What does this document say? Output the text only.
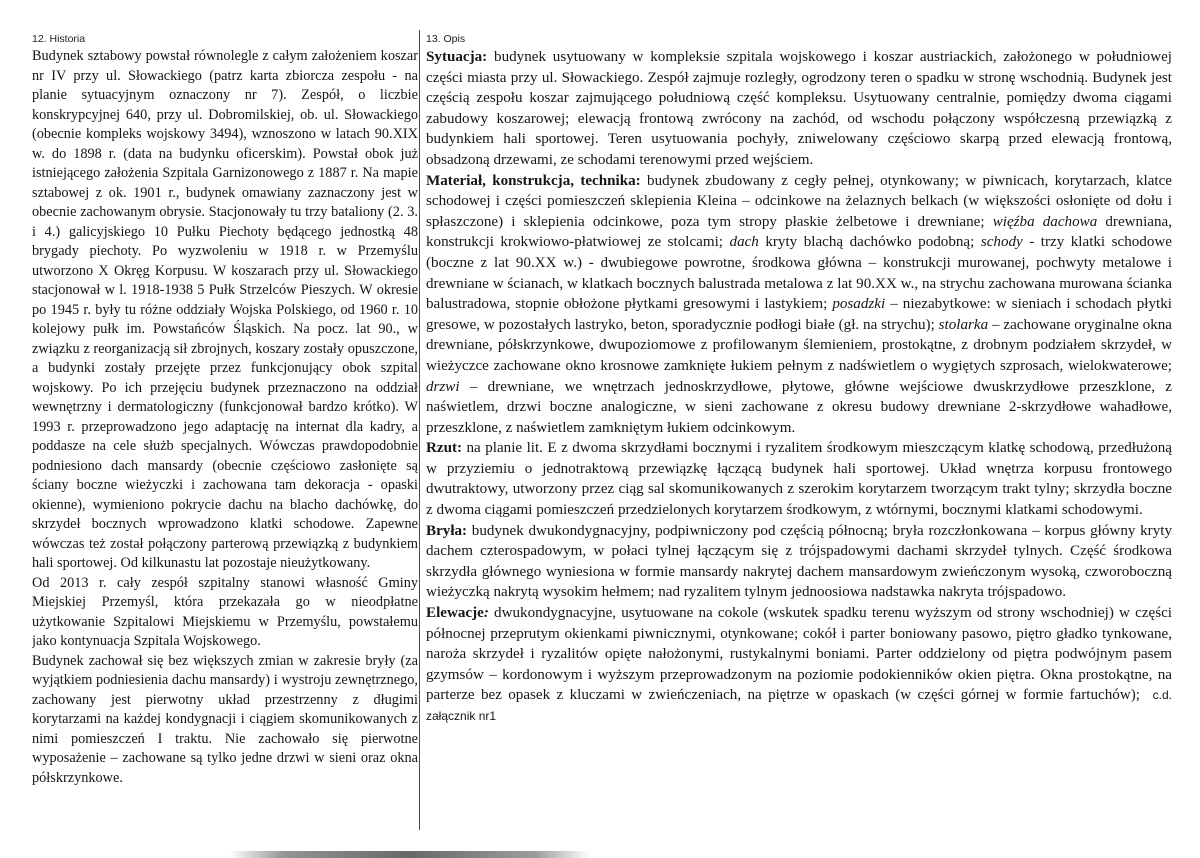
12. Historia

Budynek sztabowy powstał równolegle z całym założeniem koszar nr IV przy ul. Słowackiego (patrz karta zbiorcza zespołu - na planie sytuacyjnym oznaczony nr 7). Zespół, o liczbie konskrypcyjnej 640, przy ul. Dobromilskiej, ob. ul. Słowackiego (obecnie kompleks wojskowy 3494), wznoszono w latach 90.XIX w. do 1898 r. (data na budynku oficerskim). Powstał obok już istniejącego założenia Szpitala Garnizonowego z 1887 r. Na mapie sztabowej z ok. 1901 r., budynek omawiany zaznaczony jest w obecnie zachowanym obrysie. Stacjonowały tu trzy bataliony (2. 3. i 4.) galicyjskiego 10 Pułku Piechoty będącego jednostką 48 brygady piechoty. Po wyzwoleniu w 1918 r. w Przemyślu utworzono X Okręg Korpusu. W koszarach przy ul. Słowackiego stacjonował w l. 1918-1938 5 Pułk Strzelców Pieszych. W okresie po 1945 r. były tu różne oddziały Wojska Polskiego, od 1960 r. 10 kolejowy pułk im. Powstańców Śląskich. Na pocz. lat 90., w związku z reorganizacją sił zbrojnych, koszary zostały opuszczone, a budynki zostały przejęte przez funkcjonujący obok szpital wojskowy. Po ich przejęciu budynek przeznaczono na oddział wewnętrzny i dermatologiczny (funkcjonował bardzo krótko). W 1993 r. przeprowadzono jego adaptację na internat dla kadry, a poddasze na cele służb specjalnych. Wówczas prawdopodobnie podniesiono dach mansardy (obecnie częściowo zasłonięte są ściany boczne wieżyczki i zachowana tam dekoracja - opaski okienne), wymieniono pokrycie dachu na blacho dachówkę, do skrzydeł bocznych wprowadzono klatki schodowe. Zapewne wówczas też został połączony parterową przewiązką z budynkiem hali sportowej. Od kilkunastu lat pozostaje nieużytkowany.

Od 2013 r. cały zespół szpitalny stanowi własność Gminy Miejskiej Przemyśl, która przekazała go w nieodpłatne użytkowanie Szpitalowi Miejskiemu w Przemyślu, powstałemu jako kontynuacja Szpitala Wojskowego.

Budynek zachował się bez większych zmian w zakresie bryły (za wyjątkiem podniesienia dachu mansardy) i wystroju zewnętrznego, zachowany jest pierwotny układ przestrzenny z długimi korytarzami na każdej kondygnacji i ciągiem skomunikowanych z nimi pomieszczeń I traktu. Nie zachowało się pierwotne wyposażenie – zachowane są tylko jedne drzwi w sieni oraz okna półskrzynkowe.

13. Opis

Sytuacja: budynek usytuowany w kompleksie szpitala wojskowego i koszar austriackich, założonego w południowej części miasta przy ul. Słowackiego. Zespół zajmuje rozległy, ogrodzony teren o spadku w stronę wschodnią. Budynek jest częścią zespołu koszar zajmującego południową część kompleksu. Usytuowany centralnie, pomiędzy dwoma ciągami zabudowy koszarowej; elewacją frontową zwrócony na zachód, od wschodu połączony współczesną przewiązką z budynkiem hali sportowej. Teren usytuowania pochyły, zniwelowany częściowo skarpą przed elewacją frontową, obsadzoną drzewami, ze schodami terenowymi przed wejściem.

Materiał, konstrukcja, technika: budynek zbudowany z cegły pełnej, otynkowany; w piwnicach, korytarzach, klatce schodowej i części pomieszczeń sklepienia Kleina – odcinkowe na żelaznych belkach (w większości osłonięte od dołu i spłaszczone) i sklepienia odcinkowe, poza tym stropy płaskie żelbetowe i drewniane; więźba dachowa drewniana, konstrukcji krokwiowo-płatwiowej ze stolcami; dach kryty blachą dachówko podobną; schody - trzy klatki schodowe (boczne z lat 90.XX w.) - dwubiegowe powrotne, środkowa główna – konstrukcji murowanej, pochwyty metalowe i drewniane w ścianach, w klatkach bocznych balustrada metalowa z lat 90.XX w., na strychu zachowana murowana ścianka balustradowa, stopnie obłożone płytkami gresowymi i lastykiem; posadzki – niezabytkowe: w sieniach i schodach płytki gresowe, w pozostałych lastryko, beton, sporadycznie podłogi białe (gł. na strychu); stolarka – zachowane oryginalne okna drewniane, półskrzynkowe, dwupoziomowe z profilowanym ślemieniem, prostokątne, z drobnym podziałem skrzydeł, w wieżyczce zachowane okno krosnowe zamknięte łukiem pełnym z nadświetlem o wygiętych szprosach, wielokwaterowe; drzwi – drewniane, we wnętrzach jednoskrzydłowe, płytowe, główne wejściowe dwuskrzydłowe przeszklone, z naświetlem, drzwi boczne analogiczne, w sieni zachowane z okresu budowy drewniane 2-skrzydłowe wahadłowe, przeszklone, z naświetlem zamkniętym łukiem odcinkowym.

Rzut: na planie lit. E z dwoma skrzydłami bocznymi i ryzalitem środkowym mieszczącym klatkę schodową, przedłużoną w przyziemiu o jednotraktową przewiązkę łączącą budynek hali sportowej. Układ wnętrza korpusu frontowego dwutraktowy, utworzony przez ciąg sal skomunikowanych z szerokim korytarzem tworzącym trakt tylny; skrzydła boczne z dwoma ciągami pomieszczeń przedzielonych korytarzem środkowym, z wtórnymi, bocznymi klatkami schodowymi.

Bryła: budynek dwukondygnacyjny, podpiwniczony pod częścią północną; bryła rozczłonkowana – korpus główny kryty dachem czterospadowym, w połaci tylnej łączącym się z trójspadowymi dachami skrzydeł tylnych. Część środkowa skrzydła głównego wyniesiona w formie mansardy nakrytej dachem mansardowym zwieńczonym wysoką, czworoboczną wieżyczką nakrytą wysokim hełmem; nad ryzalitem tylnym jednoosiowa nadstawka nakryta trójspadowo.

Elewacje: dwukondygnacyjne, usytuowane na cokole (wskutek spadku terenu wyższym od strony wschodniej) w części północnej przeprutym okienkami piwnicznymi, otynkowane; cokół i parter boniowany pasowo, piętro gładko tynkowane, naroża skrzydeł i ryzalitów opięte nałożonymi, rustykalnymi boniami. Parter oddzielony od piętra podwójnym pasem gzymsów – kordonowym i wyższym przeprowadzonym na poziomie podokienników okien piętra. Okna prostokątne, na parterze bez opasek z kluczami w zwieńczeniach, na piętrze w opaskach (w części górnej w formie fartuchów); c.d. załącznik nr1
